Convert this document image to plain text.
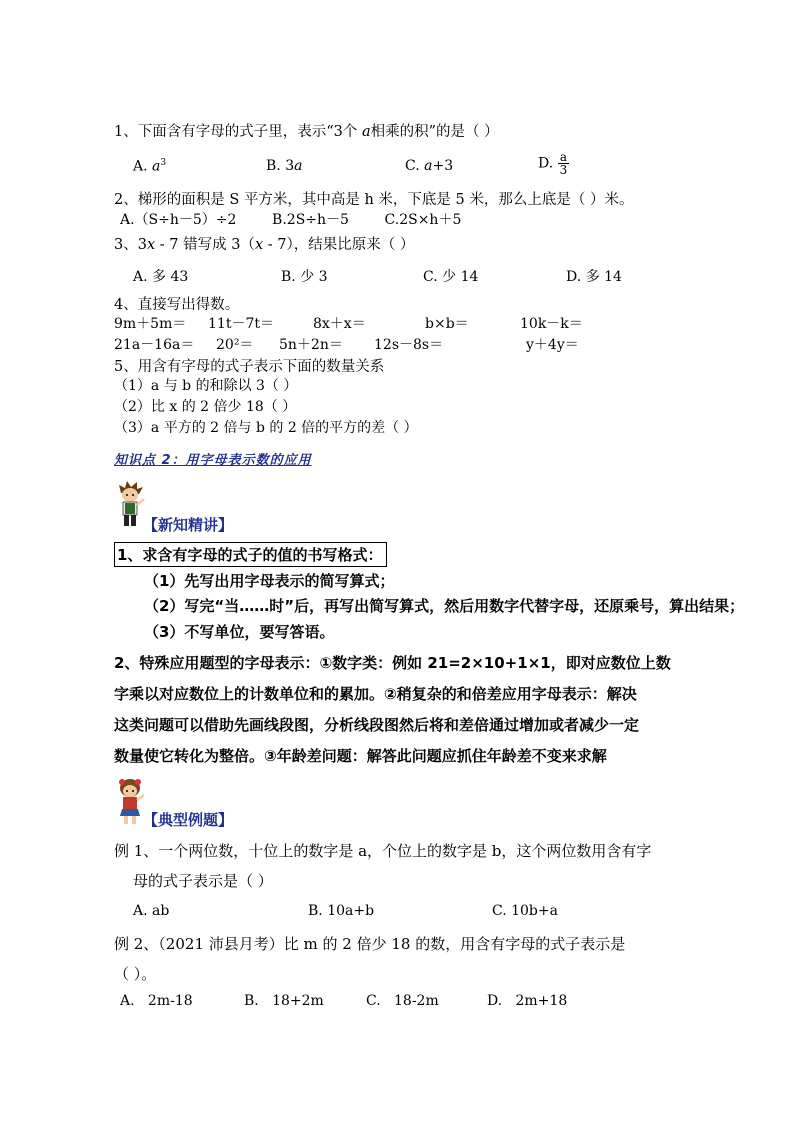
1、下面含有字母的式子里，表示“3个 a相乘的积”的是（ ）
A. $a^3$	B. 3a	C. a+3	D. $\frac{a}{3}$
2、梯形的面积是 S 平方米，其中高是 h 米，下底是 5 米，那么上底是（ ）米。
A.（S÷h－5）÷2        B.2S÷h－5        C.2S×h＋5
3、3x - 7 错写成 3（x - 7），结果比原来（ ）
A. 多 43	B. 少 3	C. 少 14	D. 多 14
4、直接写出得数。
9m＋5m＝ 11t－7t＝	8x＋x＝	b×b＝	10k－k＝
21a－16a＝ 20²＝ 5n＋2n＝ 12s－8s＝	y＋4y＝
5、用含有字母的式子表示下面的数量关系
（1）a 与 b 的和除以 3（ ）
（2）比 x 的 2 倍少 18（ ）
（3）a 平方的 2 倍与 b 的 2 倍的平方的差（ ）
知识点 2：用字母表示数的应用
【新知精讲】
1、求含有字母的式子的值的书写格式：
（1）先写出用字母表示的简写算式；
（2）写完“当……时”后，再写出简写算式，然后用数字代替字母，还原乘号，算出结果；
（3）不写单位，要写答语。
2、特殊应用题型的字母表示：①数字类：例如 21=2×10+1×1，即对应数位上数
字乘以对应数位上的计数单位和的累加。②稍复杂的和倍差应用字母表示：解决
这类问题可以借助先画线段图，分析线段图然后将和差倍通过增加或者减少一定
数量使它转化为整倍。③年龄差问题：解答此问题应抓住年龄差不变来求解
【典型例题】
例 1、一个两位数，十位上的数字是 a，个位上的数字是 b，这个两位数用含有字
母的式子表示是（ ）
A. ab	B. 10a+b	C. 10b+a
例 2、（2021 沛县月考）比 m 的 2 倍少 18 的数，用含有字母的式子表示是
（ ）。
A.   2m-18	B.   18+2m	C.   18-2m	D.   2m+18
